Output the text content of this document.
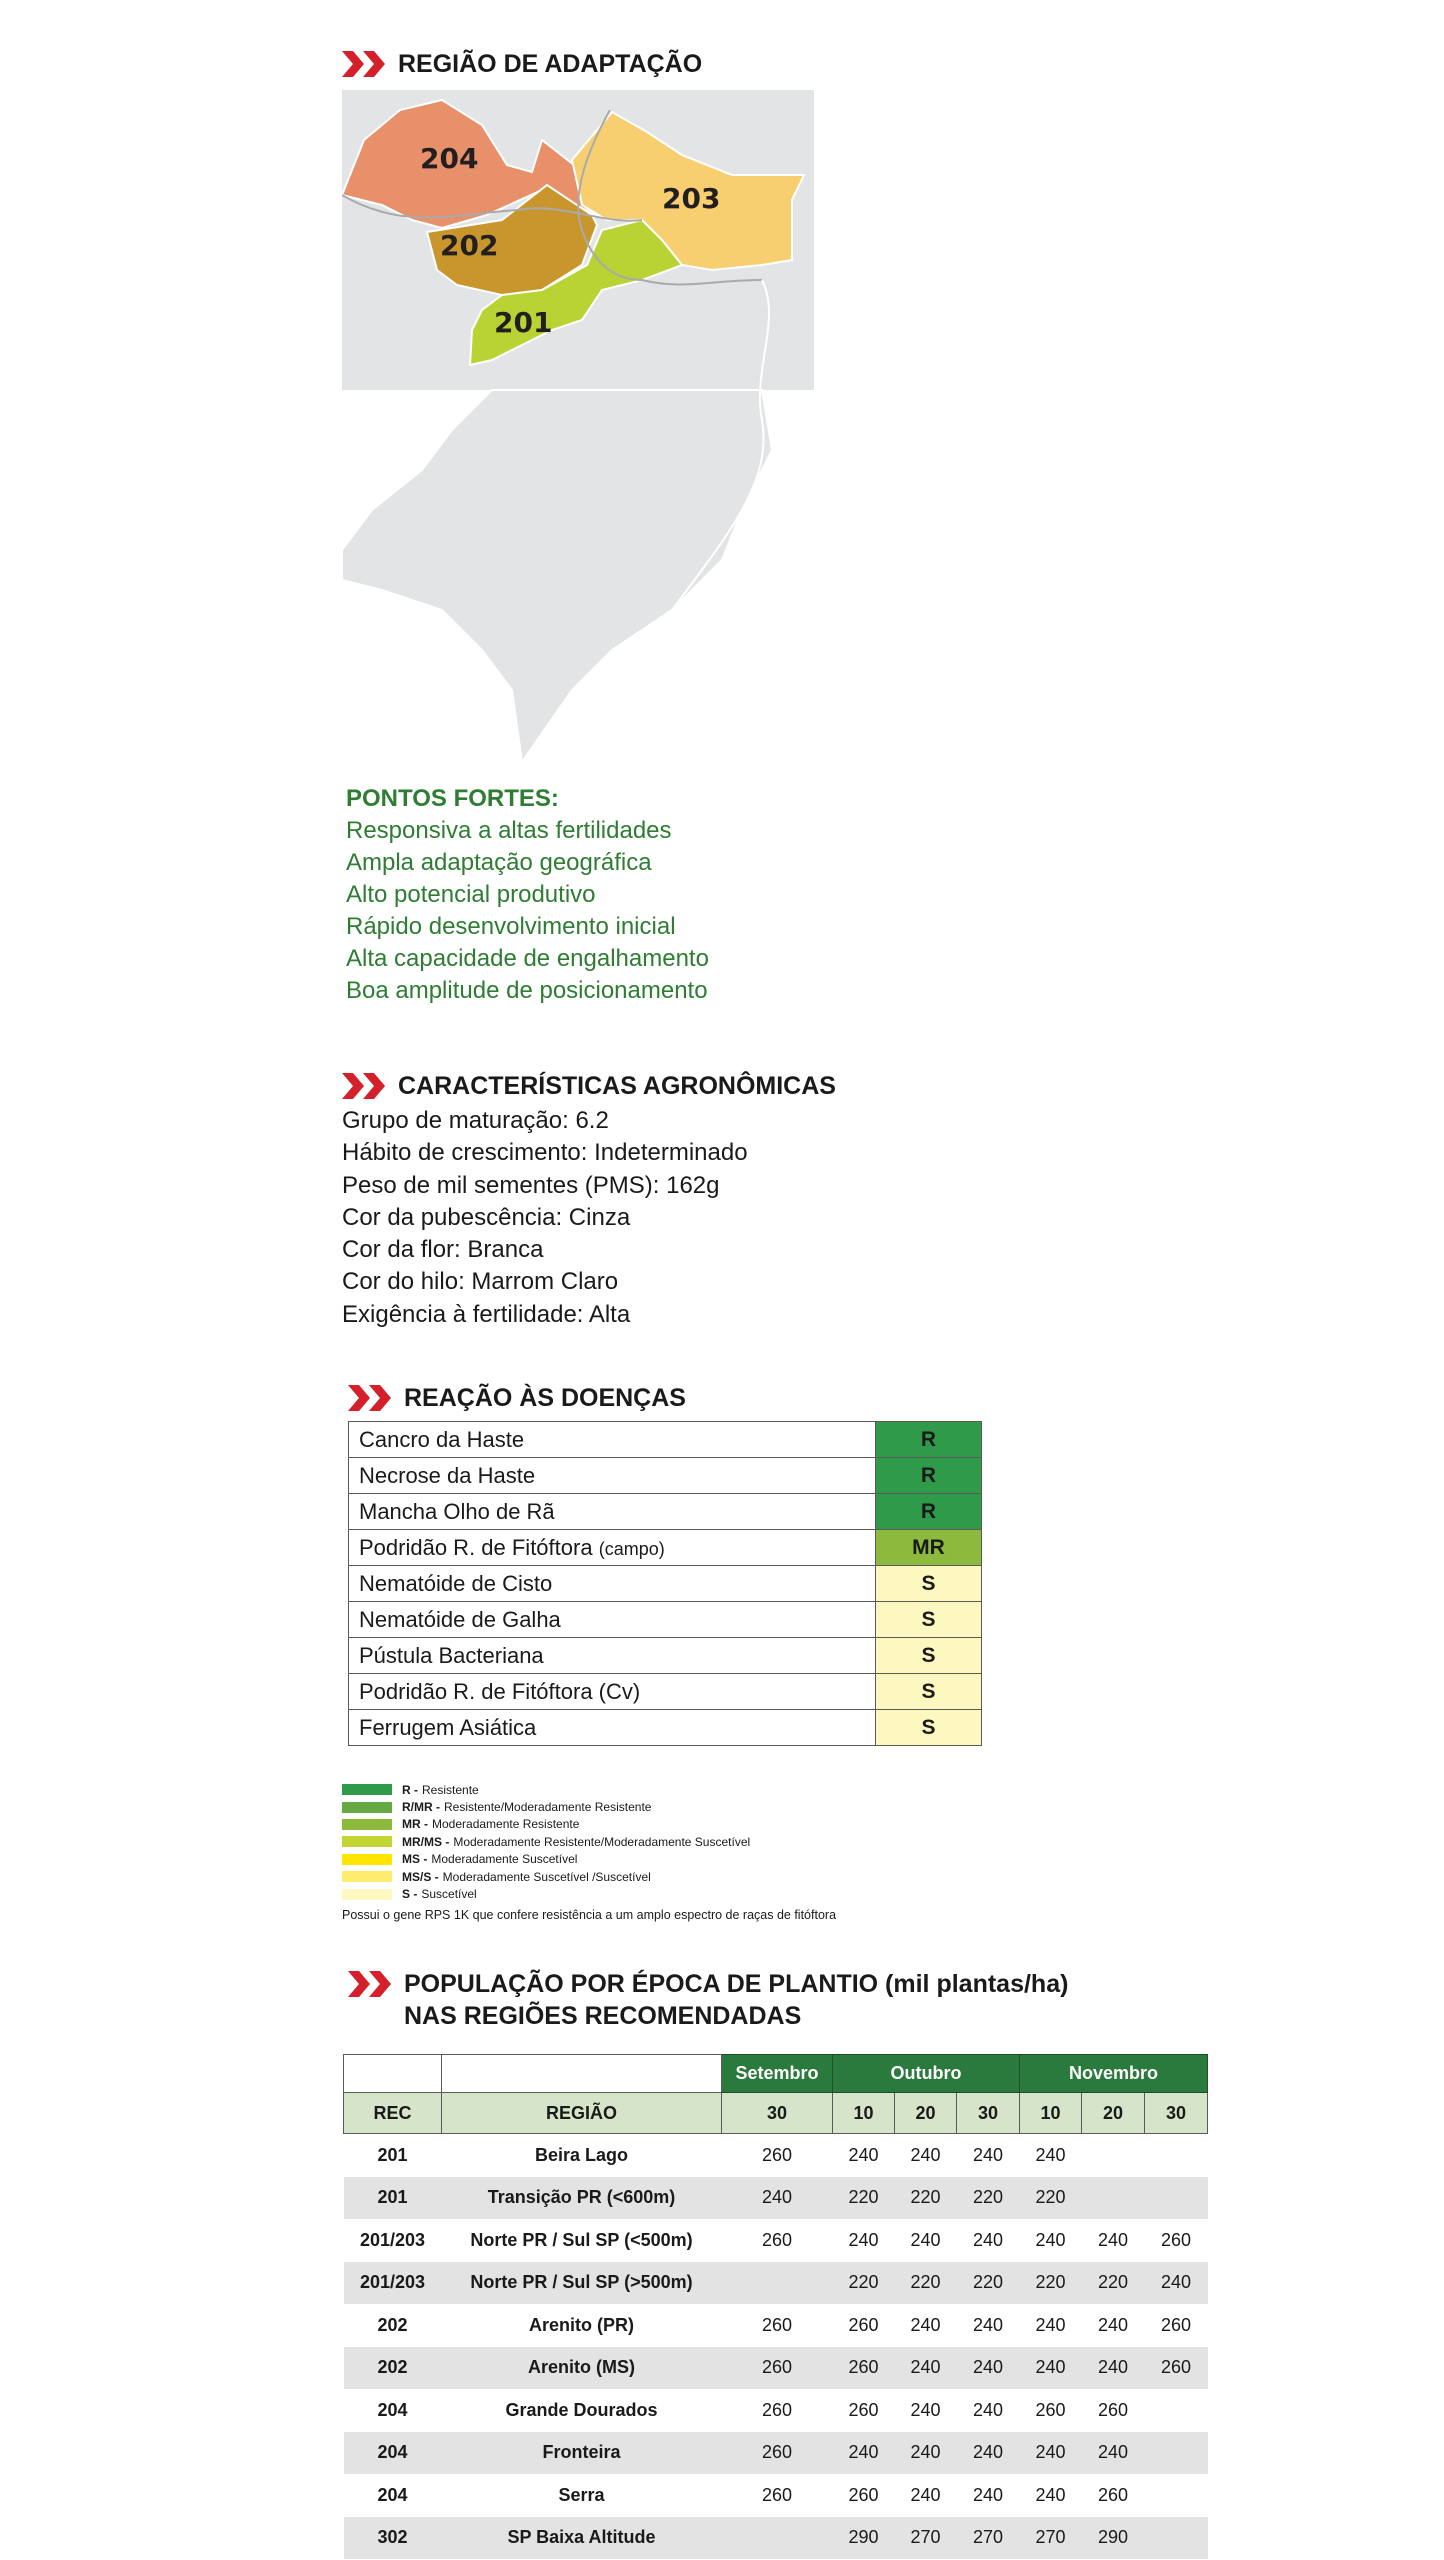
REGIÃO DE ADAPTAÇÃO
204
203
202
201
PONTOS FORTES:
Responsiva a altas fertilidades
Ampla adaptação geográfica
Alto potencial produtivo
Rápido desenvolvimento inicial
Alta capacidade de engalhamento
Boa amplitude de posicionamento
CARACTERÍSTICAS AGRONÔMICAS
Grupo de maturação: 6.2
Hábito de crescimento: Indeterminado
Peso de mil sementes (PMS): 162g
Cor da pubescência: Cinza
Cor da flor: Branca
Cor do hilo: Marrom Claro
Exigência à fertilidade: Alta
REAÇÃO ÀS DOENÇAS
Cancro da Haste	R
Necrose da Haste	R
Mancha Olho de Rã	R
Podridão R. de Fitóftora (campo)	MR
Nematóide de Cisto	S
Nematóide de Galha	S
Pústula Bacteriana	S
Podridão R. de Fitóftora (Cv)	S
Ferrugem Asiática	S
R - Resistente
R/MR - Resistente/Moderadamente Resistente
MR - Moderadamente Resistente
MR/MS - Moderadamente Resistente/Moderadamente Suscetível
MS - Moderadamente Suscetível
MS/S - Moderadamente Suscetível /Suscetível
S - Suscetível
Possui o gene RPS 1K que confere resistência a um amplo espectro de raças de fitóftora
POPULAÇÃO POR ÉPOCA DE PLANTIO (mil plantas/ha)
NAS REGIÕES RECOMENDADAS
		Setembro	Outubro			Novembro		
REC	REGIÃO	30	10	20	30	10	20	30
201	Beira Lago	260	240	240	240	240		
201	Transição PR (<600m)	240	220	220	220	220		
201/203	Norte PR / Sul SP (<500m)	260	240	240	240	240	240	260
201/203	Norte PR / Sul SP (>500m)		220	220	220	220	220	240
202	Arenito (PR)	260	260	240	240	240	240	260
202	Arenito (MS)	260	260	240	240	240	240	260
204	Grande Dourados	260	260	240	240	260	260	
204	Fronteira	260	240	240	240	240	240	
204	Serra	260	260	240	240	240	260	
302	SP Baixa Altitude		290	270	270	270	290	
